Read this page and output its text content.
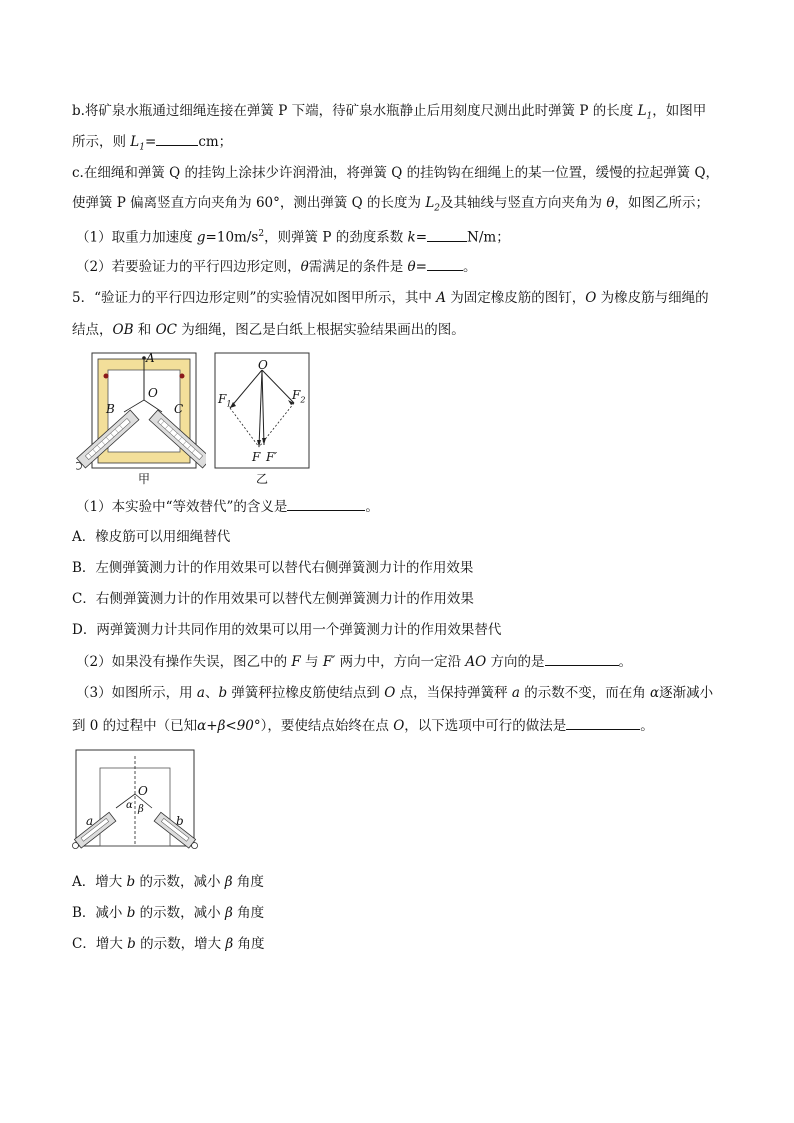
b.将矿泉水瓶通过细绳连接在弹簧 P 下端，待矿泉水瓶静止后用刻度尺测出此时弹簧 P 的长度 $L_1$，如图甲
所示，则 $L_1=$	cm；
c.在细绳和弹簧 Q 的挂钩上涂抹少许润滑油，将弹簧 Q 的挂钩钩在细绳上的某一位置，缓慢的拉起弹簧 Q，
使弹簧 P 偏离竖直方向夹角为 60°，测出弹簧 Q 的长度为 $L_2$及其轴线与竖直方向夹角为 θ，如图乙所示；
（1）取重力加速度 $g=10m/s^2$，则弹簧 P 的劲度系数 k=	N/m；
（2）若要验证力的平行四边形定则，θ需满足的条件是 θ=	。
5．“验证力的平行四边形定则”的实验情况如图甲所示，其中 A 为固定橡皮筋的图钉，O 为橡皮筋与细绳的
结点，OB 和 OC 为细绳，图乙是白纸上根据实验结果画出的图。
A
O
B	C
甲
O
$F_1$
$F_2$
F F′
乙
（1）本实验中“等效替代”的含义是	。
A．橡皮筋可以用细绳替代
B．左侧弹簧测力计的作用效果可以替代右侧弹簧测力计的作用效果
C．右侧弹簧测力计的作用效果可以替代左侧弹簧测力计的作用效果
D．两弹簧测力计共同作用的效果可以用一个弹簧测力计的作用效果替代
（2）如果没有操作失误，图乙中的 F 与 F′ 两力中，方向一定沿 AO 方向的是	。
（3）如图所示，用 a、b 弹簧秤拉橡皮筋使结点到 O 点，当保持弹簧秤 a 的示数不变，而在角 α逐渐减小
到 0 的过程中（已知α+β<90°），要使结点始终在点 O，以下选项中可行的做法是	。
O
α β
a	b
A．增大 b 的示数，减小 β 角度
B．减小 b 的示数，减小 β 角度
C．增大 b 的示数，增大 β 角度
